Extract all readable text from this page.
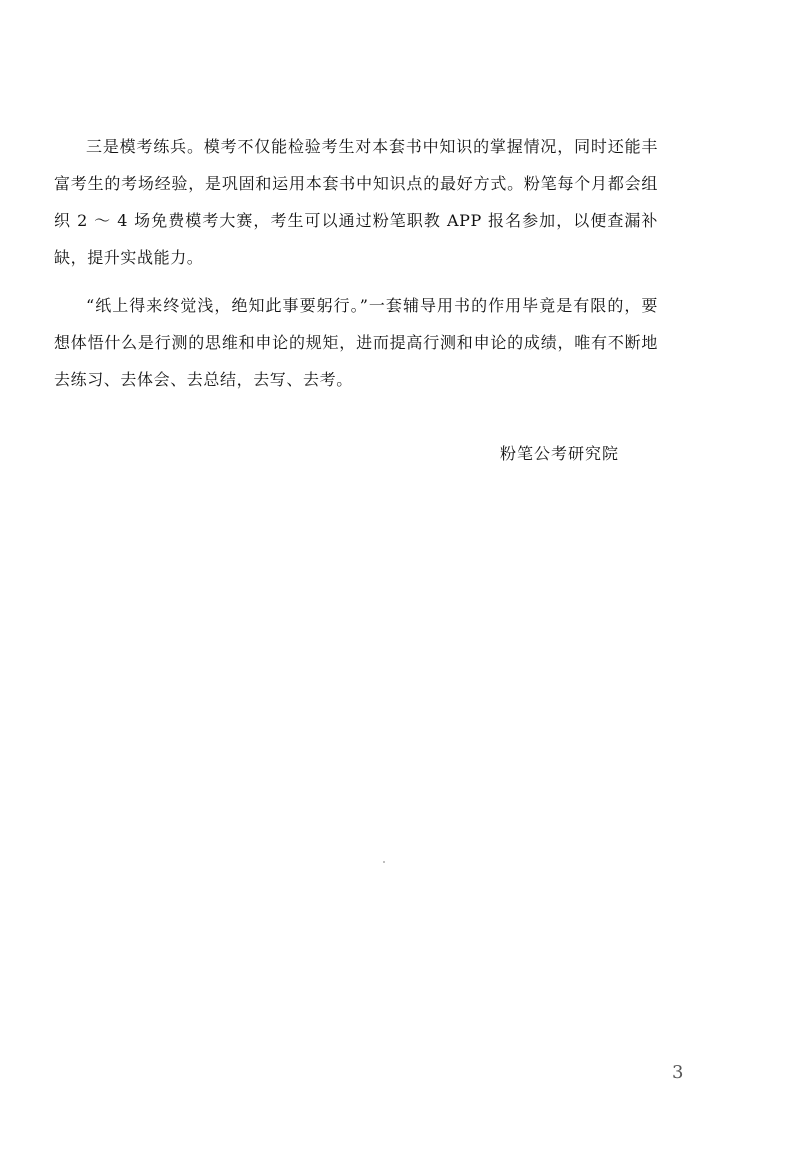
三是模考练兵。模考不仅能检验考生对本套书中知识的掌握情况，同时还能丰富考生的考场经验，是巩固和运用本套书中知识点的最好方式。粉笔每个月都会组织 2 ～ 4 场免费模考大赛，考生可以通过粉笔职教 APP 报名参加，以便查漏补缺，提升实战能力。

“纸上得来终觉浅，绝知此事要躬行。”一套辅导用书的作用毕竟是有限的，要想体悟什么是行测的思维和申论的规矩，进而提高行测和申论的成绩，唯有不断地去练习、去体会、去总结，去写、去考。

粉笔公考研究院
3
